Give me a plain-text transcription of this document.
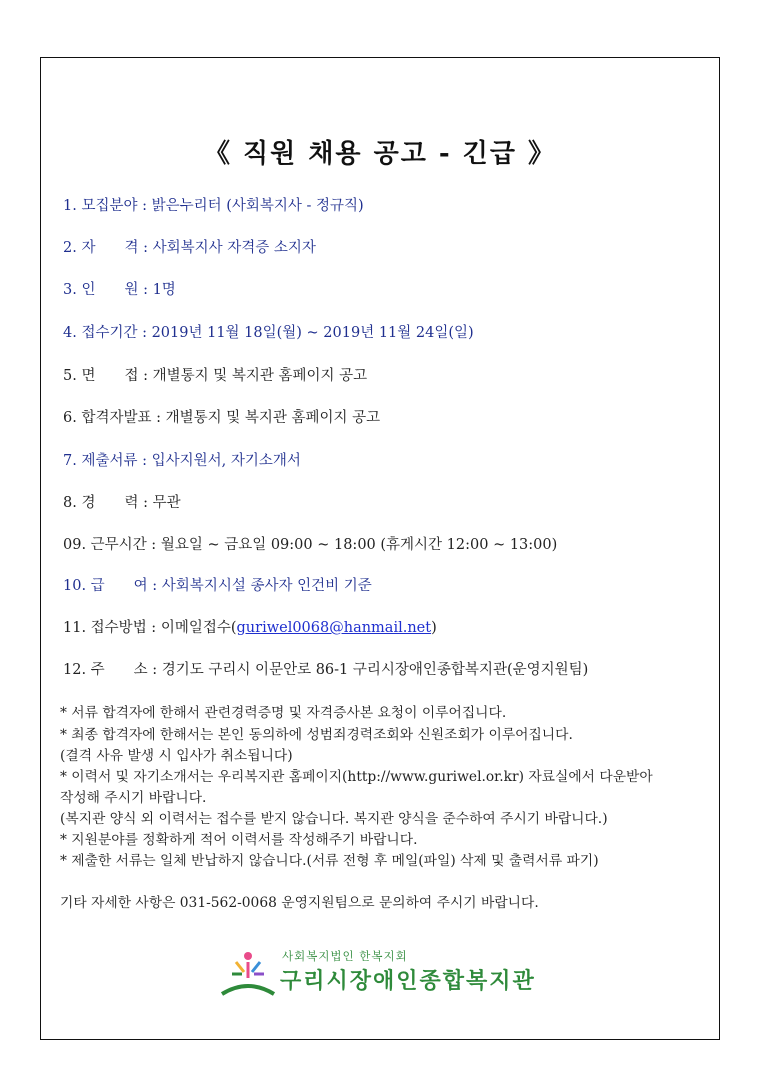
《 직원 채용 공고 - 긴급 》
1. 모집분야 : 밝은누리터 (사회복지사 - 정규직)
2. 자　　격 : 사회복지사 자격증 소지자
3. 인　　원 : 1명
4. 접수기간 : 2019년 11월 18일(월) ~ 2019년 11월 24일(일)
5. 면　　접 : 개별통지 및 복지관 홈페이지 공고
6. 합격자발표 : 개별통지 및 복지관 홈페이지 공고
7. 제출서류 : 입사지원서, 자기소개서
8. 경　　력 : 무관
09. 근무시간 : 월요일 ~ 금요일 09:00 ~ 18:00 (휴게시간 12:00 ~ 13:00)
10. 급　　여 : 사회복지시설 종사자 인건비 기준
11. 접수방법 : 이메일접수(guriwel0068@hanmail.net)
12. 주　　소 : 경기도 구리시 이문안로 86-1 구리시장애인종합복지관(운영지원팀)
* 서류 합격자에 한해서 관련경력증명 및 자격증사본 요청이 이루어집니다.
* 최종 합격자에 한해서는 본인 동의하에 성범죄경력조회와 신원조회가 이루어집니다.
(결격 사유 발생 시 입사가 취소됩니다)
* 이력서 및 자기소개서는 우리복지관 홈페이지(http://www.guriwel.or.kr) 자료실에서 다운받아
작성해 주시기 바랍니다.
(복지관 양식 외 이력서는 접수를 받지 않습니다. 복지관 양식을 준수하여 주시기 바랍니다.)
* 지원분야를 정확하게 적어 이력서를 작성해주기 바랍니다.
* 제출한 서류는 일체 반납하지 않습니다.(서류 전형 후 메일(파일) 삭제 및 출력서류 파기)
기타 자세한 사항은 031-562-0068 운영지원팀으로 문의하여 주시기 바랍니다.
사회복지법인 한복지회
구리시장애인종합복지관
